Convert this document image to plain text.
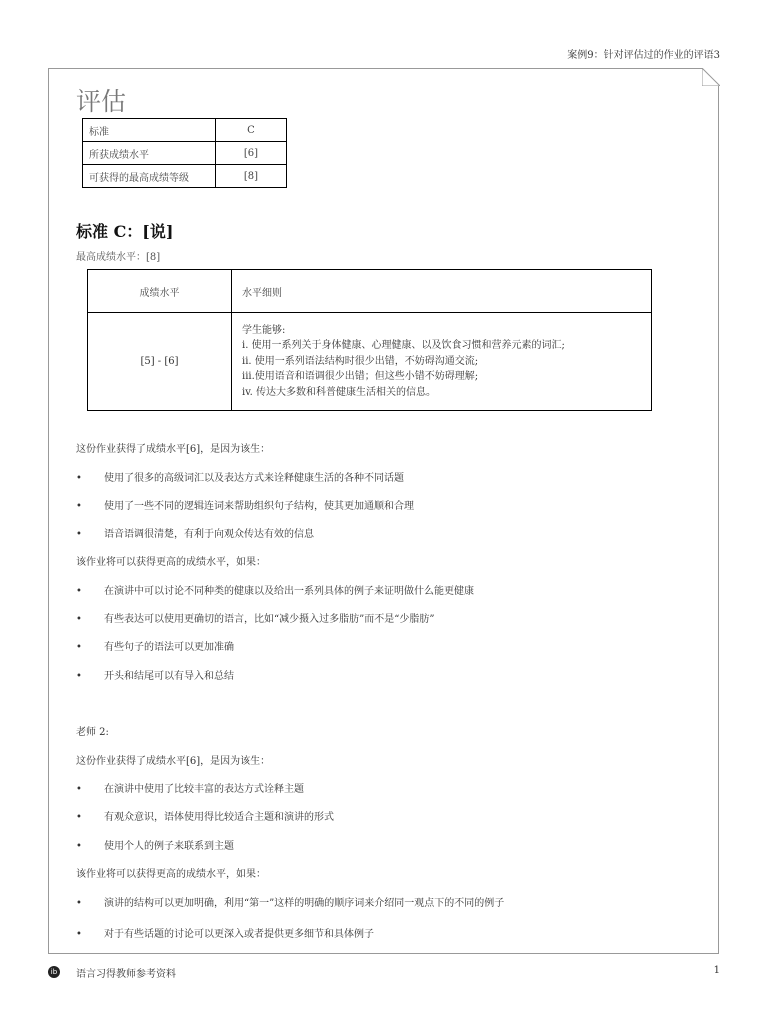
案例9：针对评估过的作业的评语3
评估
标准	C
所获成绩水平	[6]
可获得的最高成绩等级	[8]
标准 C：[说]
最高成绩水平：[8]
成绩水平	水平细则
[5] - [6]	学生能够:
i. 使用一系列关于身体健康、心理健康、以及饮食习惯和营养元素的词汇;
ii. 使用一系列语法结构时很少出错，不妨碍沟通交流;
iii.使用语音和语调很少出错；但这些小错不妨碍理解;
iv. 传达大多数和科普健康生活相关的信息。
这份作业获得了成绩水平[6]，是因为该生：
• 使用了很多的高级词汇以及表达方式来诠释健康生活的各种不同话题
• 使用了一些不同的逻辑连词来帮助组织句子结构，使其更加通顺和合理
• 语音语调很清楚，有利于向观众传达有效的信息
该作业将可以获得更高的成绩水平，如果：
• 在演讲中可以讨论不同种类的健康以及给出一系列具体的例子来证明做什么能更健康
• 有些表达可以使用更确切的语言，比如“减少摄入过多脂肪”而不是“少脂肪”
• 有些句子的语法可以更加准确
• 开头和结尾可以有导入和总结
老师 2:
这份作业获得了成绩水平[6]，是因为该生：
• 在演讲中使用了比较丰富的表达方式诠释主题
• 有观众意识，语体使用得比较适合主题和演讲的形式
• 使用个人的例子来联系到主题
该作业将可以获得更高的成绩水平，如果：
• 演讲的结构可以更加明确，利用“第一”这样的明确的顺序词来介绍同一观点下的不同的例子
• 对于有些话题的讨论可以更深入或者提供更多细节和具体例子
ib 语言习得教师参考资料	1
